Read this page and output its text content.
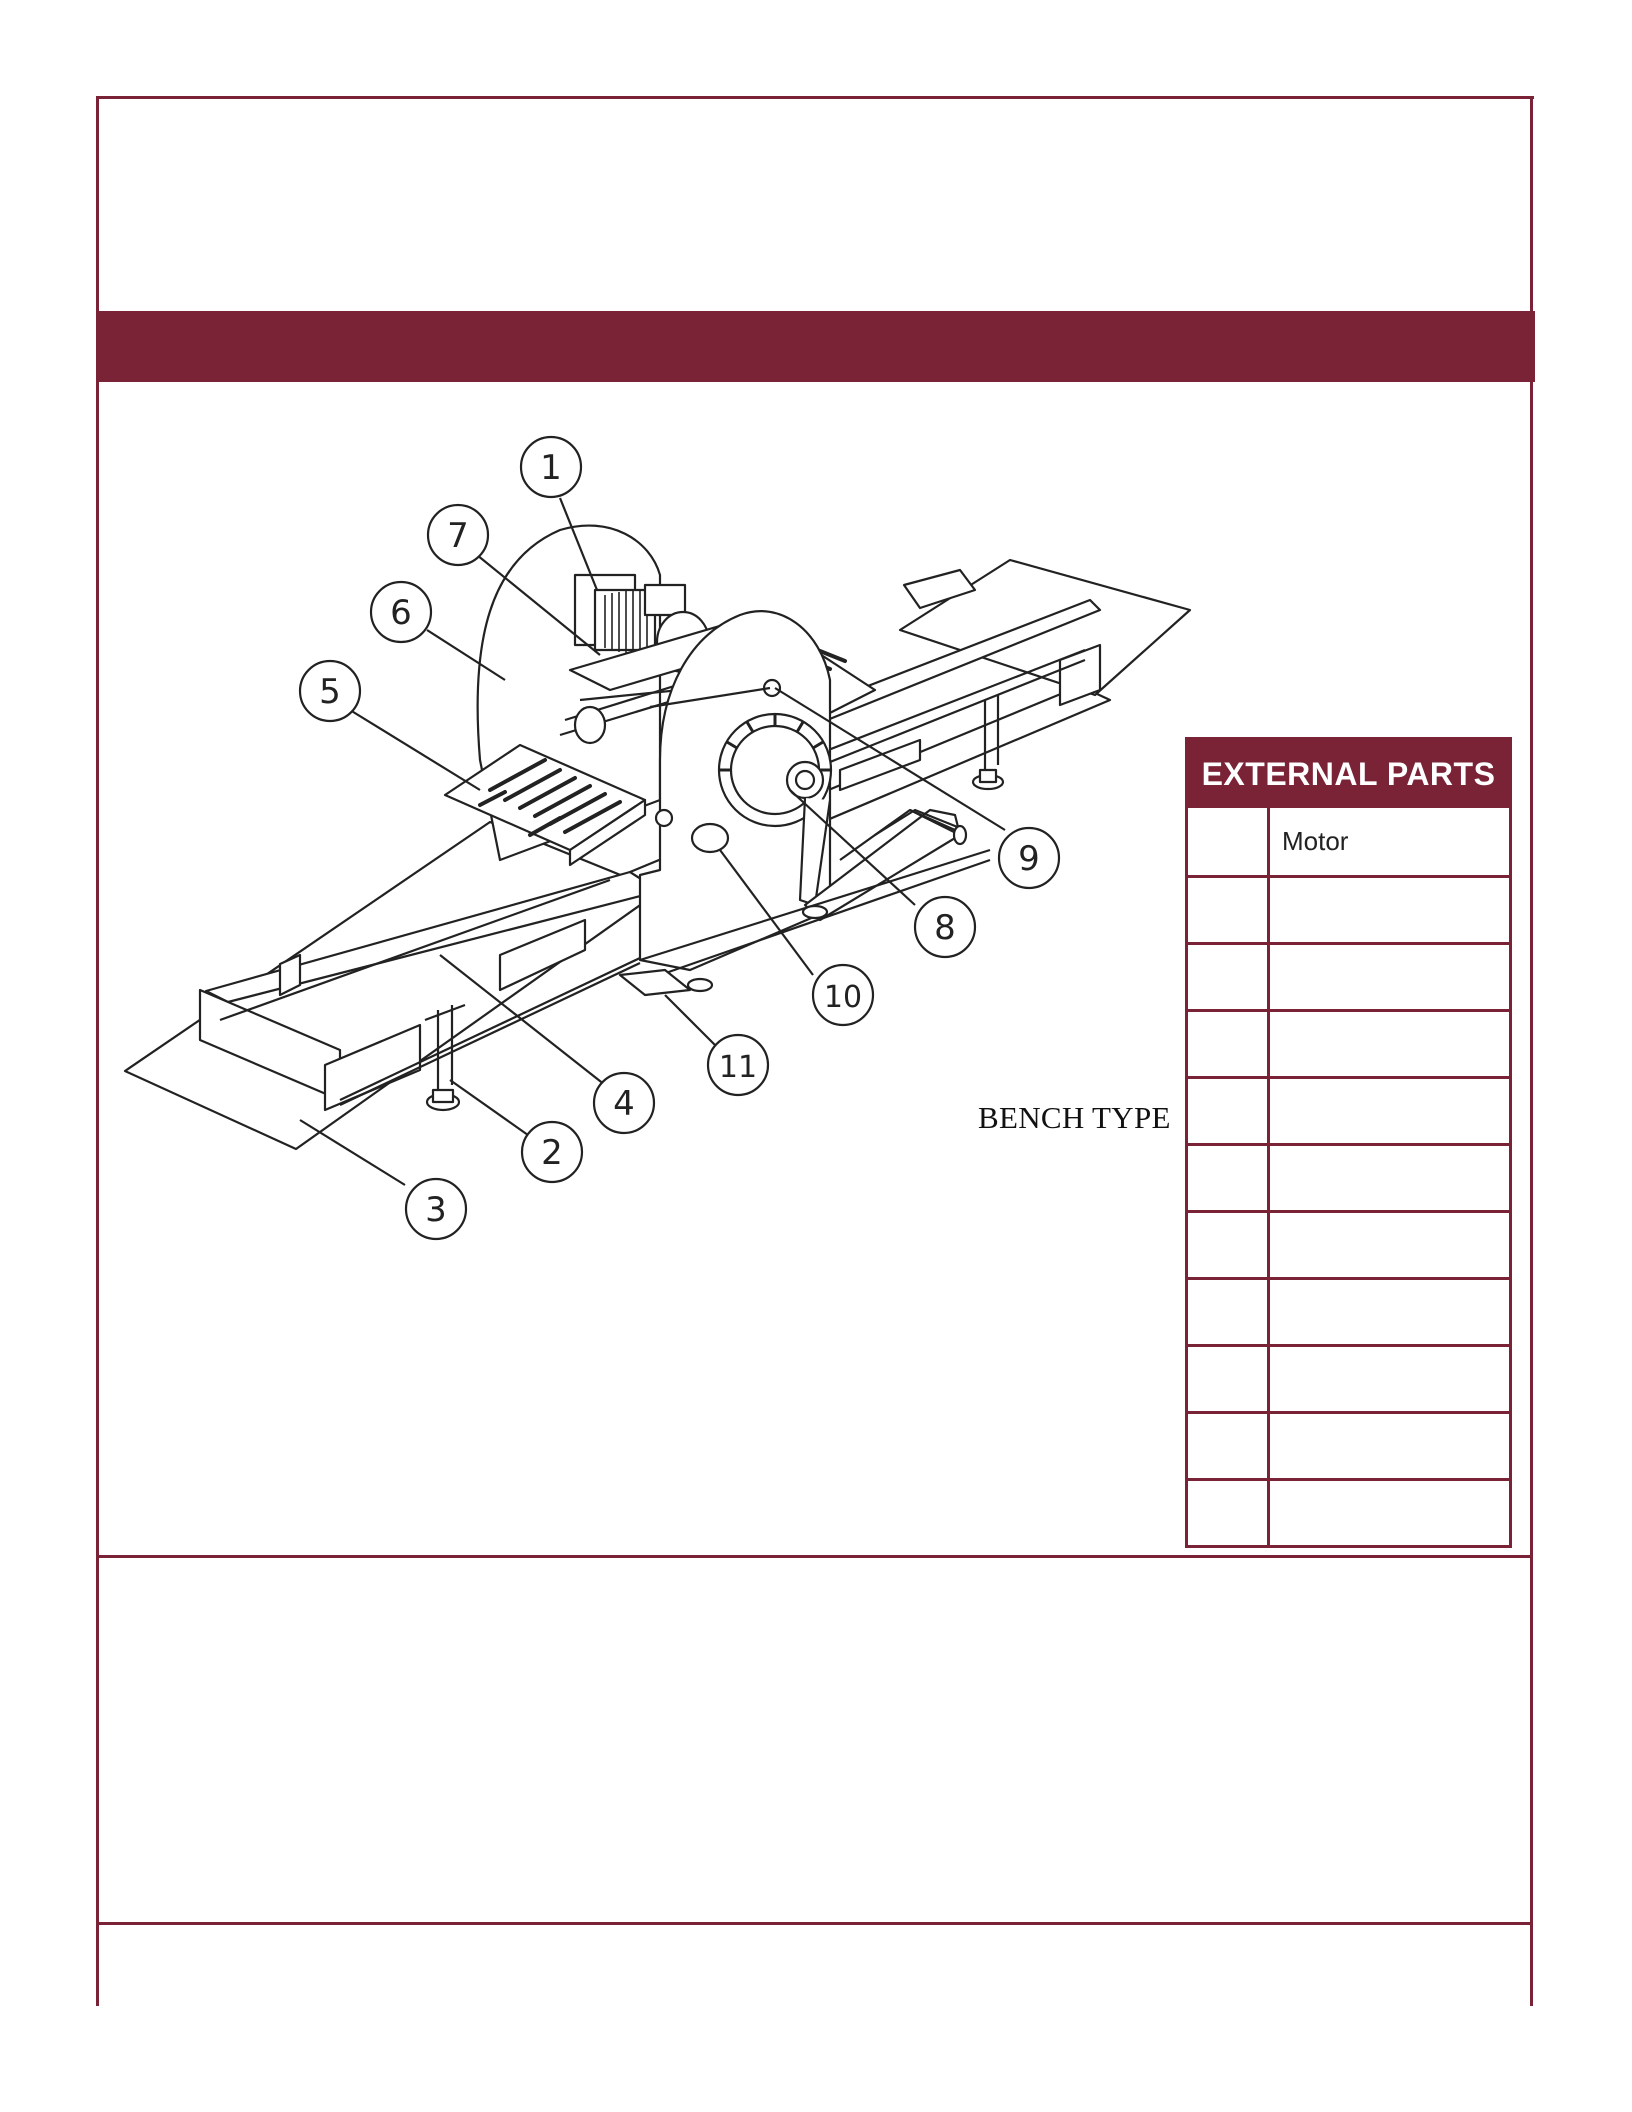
1
7
6
5
9
8
10
11
4
2
3
BENCH TYPE
EXTERNAL PARTS
Motor
